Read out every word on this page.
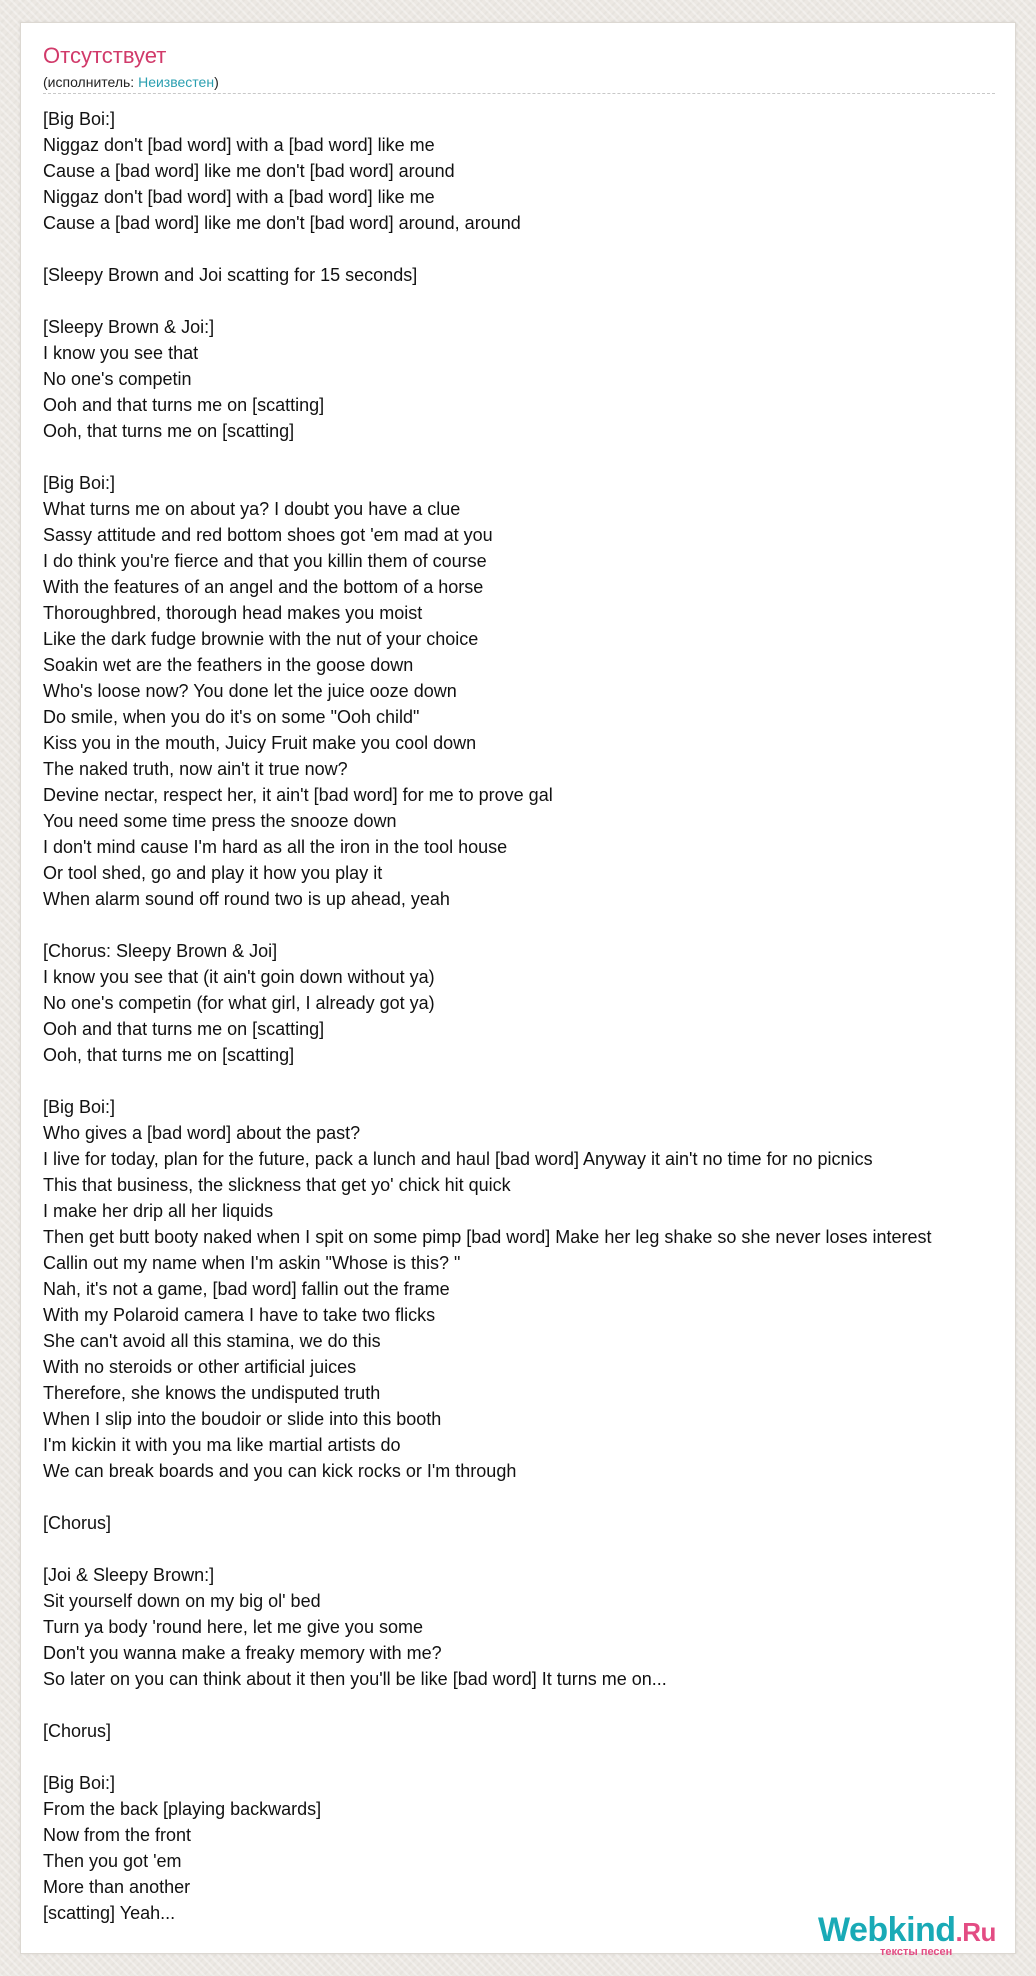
Отсутствует
(исполнитель: Неизвестен)
[Big Boi:]
Niggaz don't [bad word] with a [bad word] like me
Cause a [bad word] like me don't [bad word] around
Niggaz don't [bad word] with a [bad word] like me
Cause a [bad word] like me don't [bad word] around, around
[Sleepy Brown and Joi scatting for 15 seconds]
[Sleepy Brown & Joi:]
I know you see that
No one's competin
Ooh and that turns me on [scatting]
Ooh, that turns me on [scatting]
[Big Boi:]
What turns me on about ya? I doubt you have a clue
Sassy attitude and red bottom shoes got 'em mad at you
I do think you're fierce and that you killin them of course
With the features of an angel and the bottom of a horse
Thoroughbred, thorough head makes you moist
Like the dark fudge brownie with the nut of your choice
Soakin wet are the feathers in the goose down
Who's loose now? You done let the juice ooze down
Do smile, when you do it's on some "Ooh child"
Kiss you in the mouth, Juicy Fruit make you cool down
The naked truth, now ain't it true now?
Devine nectar, respect her, it ain't [bad word] for me to prove gal
You need some time press the snooze down
I don't mind cause I'm hard as all the iron in the tool house
Or tool shed, go and play it how you play it
When alarm sound off round two is up ahead, yeah
[Chorus: Sleepy Brown & Joi]
I know you see that (it ain't goin down without ya)
No one's competin (for what girl, I already got ya)
Ooh and that turns me on [scatting]
Ooh, that turns me on [scatting]
[Big Boi:]
Who gives a [bad word] about the past?
I live for today, plan for the future, pack a lunch and haul [bad word] Anyway it ain't no time for no picnics
This that business, the slickness that get yo' chick hit quick
I make her drip all her liquids
Then get butt booty naked when I spit on some pimp [bad word] Make her leg shake so she never loses interest
Callin out my name when I'm askin "Whose is this? "
Nah, it's not a game, [bad word] fallin out the frame
With my Polaroid camera I have to take two flicks
She can't avoid all this stamina, we do this
With no steroids or other artificial juices
Therefore, she knows the undisputed truth
When I slip into the boudoir or slide into this booth
I'm kickin it with you ma like martial artists do
We can break boards and you can kick rocks or I'm through
[Chorus]
[Joi & Sleepy Brown:]
Sit yourself down on my big ol' bed
Turn ya body 'round here, let me give you some
Don't you wanna make a freaky memory with me?
So later on you can think about it then you'll be like [bad word] It turns me on...
[Chorus]
[Big Boi:]
From the back [playing backwards]
Now from the front
Then you got 'em
More than another
[scatting] Yeah...	Webkind.Ru
тексты песен
